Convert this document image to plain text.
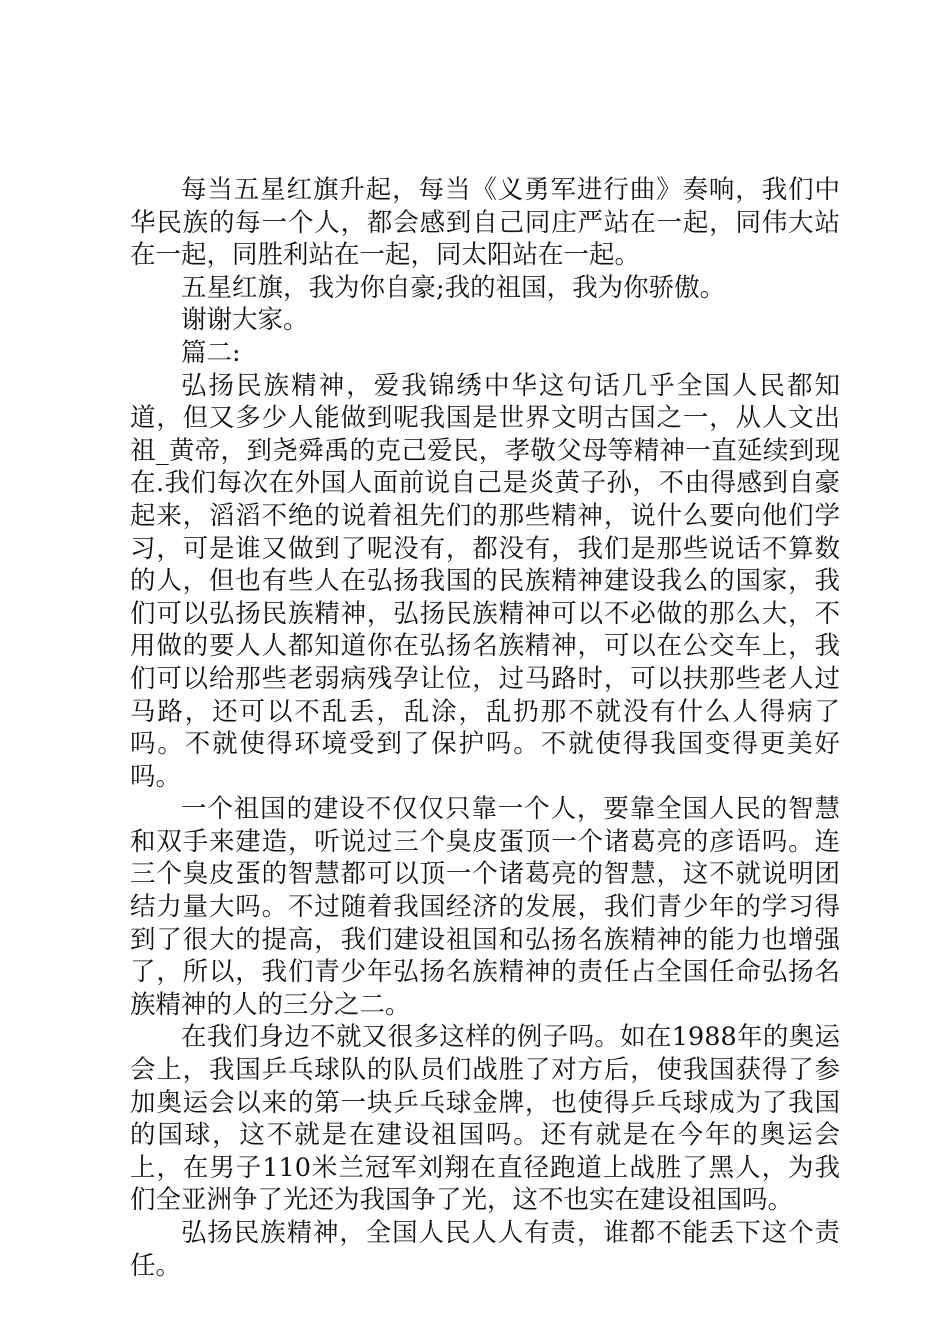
每当五星红旗升起，每当《义勇军进行曲》奏响，我们中华民族的每一个人，都会感到自己同庄严站在一起，同伟大站在一起，同胜利站在一起，同太阳站在一起。

五星红旗，我为你自豪;我的祖国，我为你骄傲。

谢谢大家。

篇二:

弘扬民族精神，爱我锦绣中华这句话几乎全国人民都知道，但又多少人能做到呢我国是世界文明古国之一，从人文出祖_黄帝，到尧舜禹的克己爱民，孝敬父母等精神一直延续到现在.我们每次在外国人面前说自己是炎黄子孙，不由得感到自豪起来，滔滔不绝的说着祖先们的那些精神，说什么要向他们学习，可是谁又做到了呢没有，都没有，我们是那些说话不算数的人，但也有些人在弘扬我国的民族精神建设我么的国家，我们可以弘扬民族精神，弘扬民族精神可以不必做的那么大，不用做的要人人都知道你在弘扬名族精神，可以在公交车上，我们可以给那些老弱病残孕让位，过马路时，可以扶那些老人过马路，还可以不乱丢，乱涂，乱扔那不就没有什么人得病了吗。不就使得环境受到了保护吗。不就使得我国变得更美好吗。

一个祖国的建设不仅仅只靠一个人，要靠全国人民的智慧和双手来建造，听说过三个臭皮蛋顶一个诸葛亮的彦语吗。连三个臭皮蛋的智慧都可以顶一个诸葛亮的智慧，这不就说明团结力量大吗。不过随着我国经济的发展，我们青少年的学习得到了很大的提高，我们建设祖国和弘扬名族精神的能力也增强了，所以，我们青少年弘扬名族精神的责任占全国任命弘扬名族精神的人的三分之二。

在我们身边不就又很多这样的例子吗。如在1988年的奥运会上，我国乒乓球队的队员们战胜了对方后，使我国获得了参加奥运会以来的第一块乒乓球金牌，也使得乒乓球成为了我国的国球，这不就是在建设祖国吗。还有就是在今年的奥运会上，在男子110米兰冠军刘翔在直径跑道上战胜了黑人，为我们全亚洲争了光还为我国争了光，这不也实在建设祖国吗。

弘扬民族精神，全国人民人人有责，谁都不能丢下这个责任。
